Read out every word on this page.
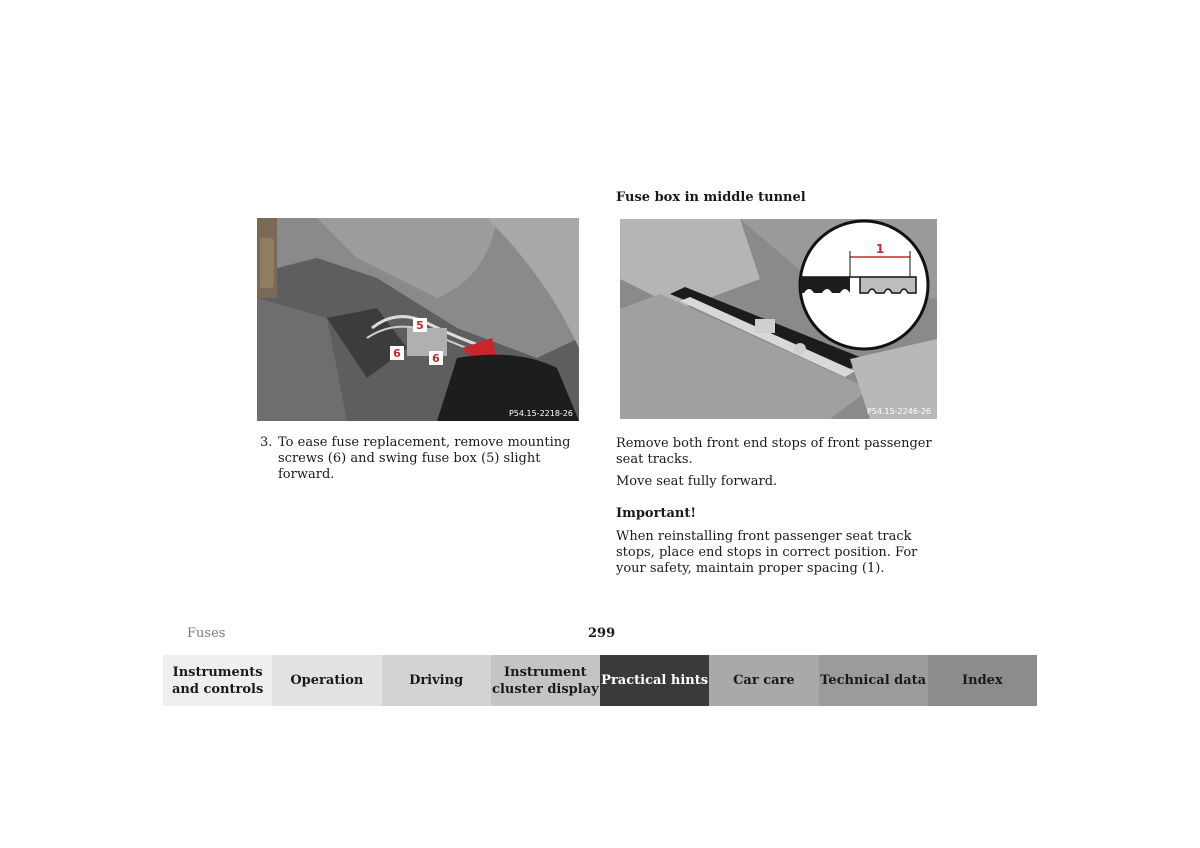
5
6	6
P54.15-2218-26
3. To ease fuse replacement, remove mounting screws (6) and swing fuse box (5) slight forward.
Fuse box in middle tunnel
1
P54.15-2246-26
Remove both front end stops of front passenger seat tracks.
Move seat fully forward.
Important!
When reinstalling front passenger seat track stops, place end stops in correct position. For your safety, maintain proper spacing (1).
Fuses	299
Instruments and controls
Operation	Driving
Instrument cluster display
Practical hints Car care Technical data	Index
